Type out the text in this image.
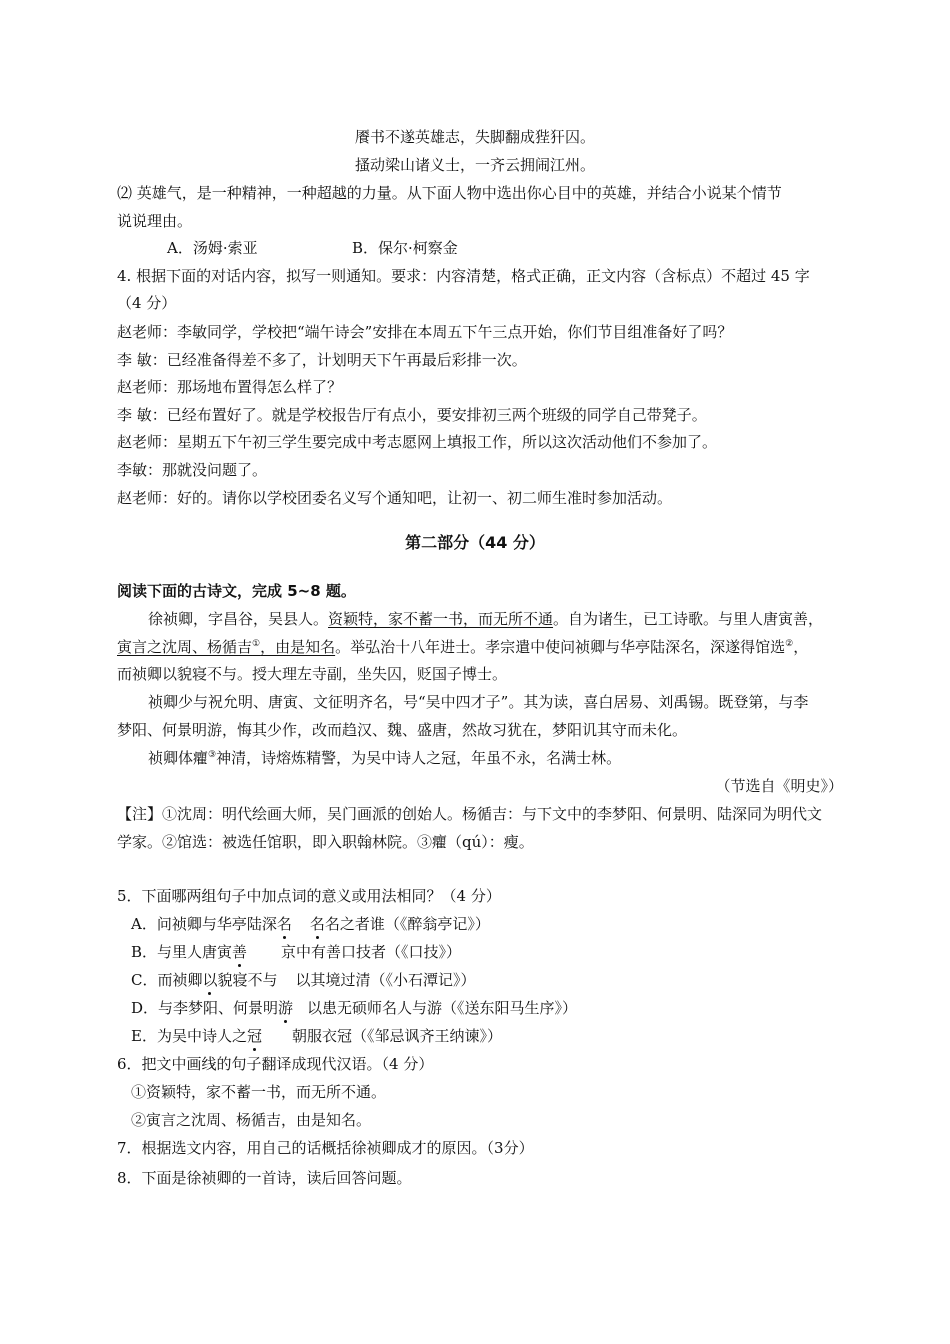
餍书不遂英雄志，失脚翻成狴犴囚。
搔动梁山诸义士，一齐云拥闹江州。
⑵ 英雄气，是一种精神，一种超越的力量。从下面人物中选出你心目中的英雄，并结合小说某个情节
说说理由。
A．汤姆·索亚	B．保尔·柯察金
4. 根据下面的对话内容，拟写一则通知。要求：内容清楚，格式正确，正文内容（含标点）不超过 45 字
（4 分）
赵老师：李敏同学，学校把“端午诗会”安排在本周五下午三点开始，你们节目组准备好了吗？
李 敏：已经准备得差不多了，计划明天下午再最后彩排一次。
赵老师：那场地布置得怎么样了？
李 敏：已经布置好了。就是学校报告厅有点小，要安排初三两个班级的同学自己带凳子。
赵老师：星期五下午初三学生要完成中考志愿网上填报工作，所以这次活动他们不参加了。
李敏：那就没问题了。
赵老师：好的。请你以学校团委名义写个通知吧，让初一、初二师生准时参加活动。
第二部分（44 分）
阅读下面的古诗文，完成 5~8 题。
徐祯卿，字昌谷，吴县人。资颖特，家不蓄一书，而无所不通。自为诸生，已工诗歌。与里人唐寅善，
寅言之沈周、杨循吉①，由是知名。举弘治十八年进士。孝宗遣中使问祯卿与华亭陆深名，深遂得馆选②，
而祯卿以貌寝不与。授大理左寺副，坐失囚，贬国子博士。
祯卿少与祝允明、唐寅、文征明齐名，号“吴中四才子”。其为读，喜白居易、刘禹锡。既登第，与李
梦阳、何景明游，悔其少作，改而趋汉、魏、盛唐，然故习犹在，梦阳讥其守而未化。
祯卿体癯③神清，诗熔炼精警，为吴中诗人之冠，年虽不永，名满士林。
（节选自《明史》）
【注】①沈周：明代绘画大师，吴门画派的创始人。杨循吉：与下文中的李梦阳、何景明、陆深同为明代文
学家。②馆选：被选任馆职，即入职翰林院。③癯（qú）：瘦。
5．下面哪两组句子中加点词的意义或用法相同？（4 分）
A．问祯卿与华亭陆深名 名名之者谁（《醉翁亭记》）
B．与里人唐寅善 京中有善口技者（《口技》）
C．而祯卿以貌寝不与 以其境过清（《小石潭记》）
D．与李梦阳、何景明游 以患无硕师名人与游（《送东阳马生序》）
E．为吴中诗人之冠 朝服衣冠（《邹忌讽齐王纳谏》）
6．把文中画线的句子翻译成现代汉语。（4 分）
①资颖特，家不蓄一书，而无所不通。
②寅言之沈周、杨循吉，由是知名。
7．根据选文内容，用自己的话概括徐祯卿成才的原因。（3分）
8．下面是徐祯卿的一首诗，读后回答问题。
